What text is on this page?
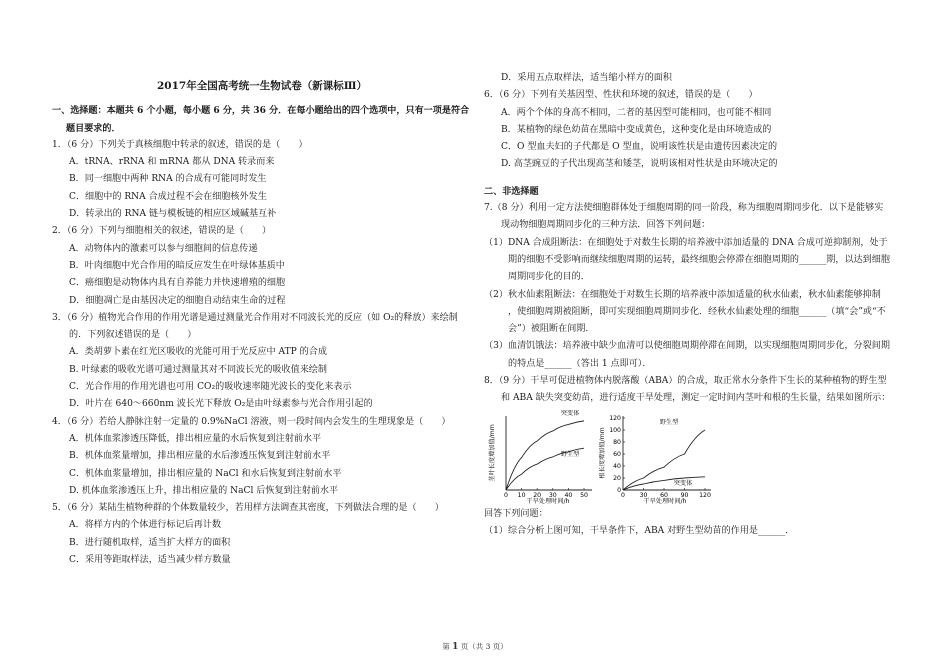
2017年全国高考统一生物试卷（新课标Ⅲ）
一、选择题：本题共 6 个小题，每小题 6 分，共 36 分．在每小题给出的四个选项中，只有一项是符合
题目要求的．
1．（6 分）下列关于真核细胞中转录的叙述，错误的是（　　）
A．tRNA、rRNA 和 mRNA 都从 DNA 转录而来
B．同一细胞中两种 RNA 的合成有可能同时发生
C．细胞中的 RNA 合成过程不会在细胞核外发生
D．转录出的 RNA 链与模板链的相应区域碱基互补
2．（6 分）下列与细胞相关的叙述，错误的是（　　）
A．动物体内的激素可以参与细胞间的信息传递
B．叶肉细胞中光合作用的暗反应发生在叶绿体基质中
C．癌细胞是动物体内具有自养能力并快速增殖的细胞
D．细胞凋亡是由基因决定的细胞自动结束生命的过程
3．（6 分）植物光合作用的作用光谱是通过测量光合作用对不同波长光的反应（如 O₂的释放）来绘制
的．下列叙述错误的是（　　）
A．类胡萝卜素在红光区吸收的光能可用于光反应中 ATP 的合成
B. 叶绿素的吸收光谱可通过测量其对不同波长光的吸收值来绘制
C．光合作用的作用光谱也可用 CO₂的吸收速率随光波长的变化来表示
D．叶片在 640～660nm 波长光下释放 O₂是由叶绿素参与光合作用引起的
4．（6 分）若给人静脉注射一定量的 0.9%NaCl 溶液，则一段时间内会发生的生理现象是（　　）
A．机体血浆渗透压降低，排出相应量的水后恢复到注射前水平
B．机体血浆量增加，排出相应量的水后渗透压恢复到注射前水平
C．机体血浆量增加，排出相应量的 NaCl 和水后恢复到注射前水平
D. 机体血浆渗透压上升，排出相应量的 NaCl 后恢复到注射前水平
5．（6 分）某陆生植物种群的个体数量较少，若用样方法调查其密度，下列做法合理的是（　　）
A．将样方内的个体进行标记后再计数
B．进行随机取样，适当扩大样方的面积
C．采用等距取样法，适当减少样方数量
D．采用五点取样法，适当缩小样方的面积
6．（6 分）下列有关基因型、性状和环境的叙述，错误的是（　　）
A．两个个体的身高不相同，二者的基因型可能相同，也可能不相同
B．某植物的绿色幼苗在黑暗中变成黄色，这种变化是由环境造成的
C．O 型血夫妇的子代都是 O 型血，说明该性状是由遗传因素决定的
D. 高茎豌豆的子代出现高茎和矮茎，说明该相对性状是由环境决定的
二、非选择题
7.（8 分）利用一定方法使细胞群体处于细胞周期的同一阶段，称为细胞周期同步化．以下是能够实
现动物细胞周期同步化的三种方法．回答下列问题：
（1）DNA 合成阻断法：在细胞处于对数生长期的培养液中添加适量的 DNA 合成可逆抑制剂，处于
期的细胞不受影响而继续细胞周期的运转，最终细胞会停滞在细胞周期的______期，以达到细胞
周期同步化的目的．
（2）秋水仙素阻断法：在细胞处于对数生长期的培养液中添加适量的秋水仙素，秋水仙素能够抑制
，使细胞周期被阻断，即可实现细胞周期同步化．经秋水仙素处理的细胞______（填“会”或“不
会”）被阻断在间期．
（3）血清饥饿法：培养液中缺少血清可以使细胞周期停滞在间期，以实现细胞周期同步化，分裂间期
的特点是______（答出 1 点即可）．
8．（9 分）干旱可促进植物体内脱落酸（ABA）的合成，取正常水分条件下生长的某种植物的野生型
和 ABA 缺失突变幼苗，进行适度干旱处理，测定一定时间内茎叶和根的生长量，结果如图所示：
茎叶长度增加值/mm
干旱处理时间/h
0 10 20 30 40 50
突变体
野生型	根长度增加值/mm
干旱处理时间/h
0 30 60 90 120
0
20
40
60
80
100
120
野生型
突变体
回答下列问题：
（1）综合分析上图可知，干旱条件下，ABA 对野生型幼苗的作用是______．
第 1 页（共 3 页）
